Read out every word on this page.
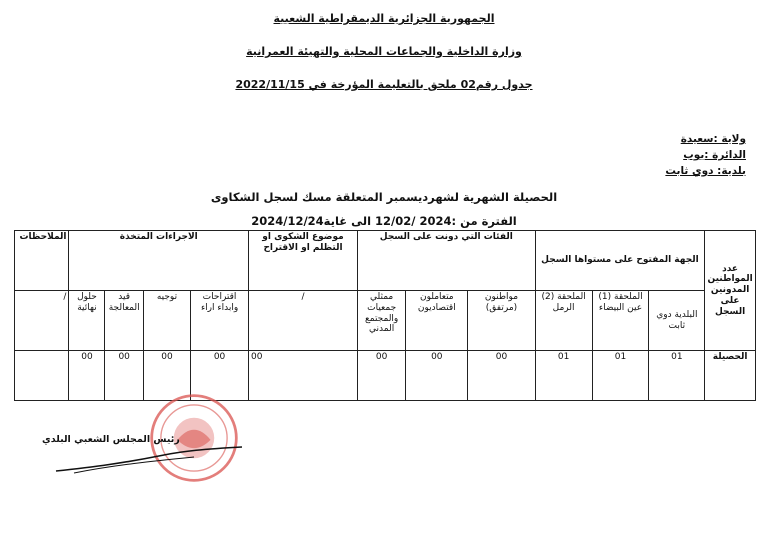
الجمهورية الجزائرية الديمقراطية الشعبية
وزارة الداخلية والجماعات المحلية والتهيئة العمرانية
جدول رقم02 ملحق بالتعليمة المؤرخة في 2022/11/15
ولاية :سعيدة
الدائرة :يوب
بلدية: دوي ثابت
الحصيلة الشهرية لشهرديسمبر المتعلقة مسك لسجل الشكاوى
الفترة من :2024 /12/02 الى غاية2024/12/24
عدد المواطنين المدونين على السجل	الجهة المفتوح على مستواها السجل			الفئات التي دونت على السجل			موضوع الشكوى او التظلم او الاقتراح	الاجراءات المتخذة				الملاحظات
	البلدية دوي ثابت	الملحقة (1) عين البيضاء	الملحقة (2) الرمل	مواطنون (مرتفق)	متعاملون اقتصاديون	ممثلي جمعيات والمجتمع المدني	/	اقتراحات وابداء اراء	توجيه	قيد المعالجة	حلول نهائية	/
الحصيلة	01	01	01	00	00	00	00	00	00	00	00	
رئيس المجلس الشعبي البلدي
